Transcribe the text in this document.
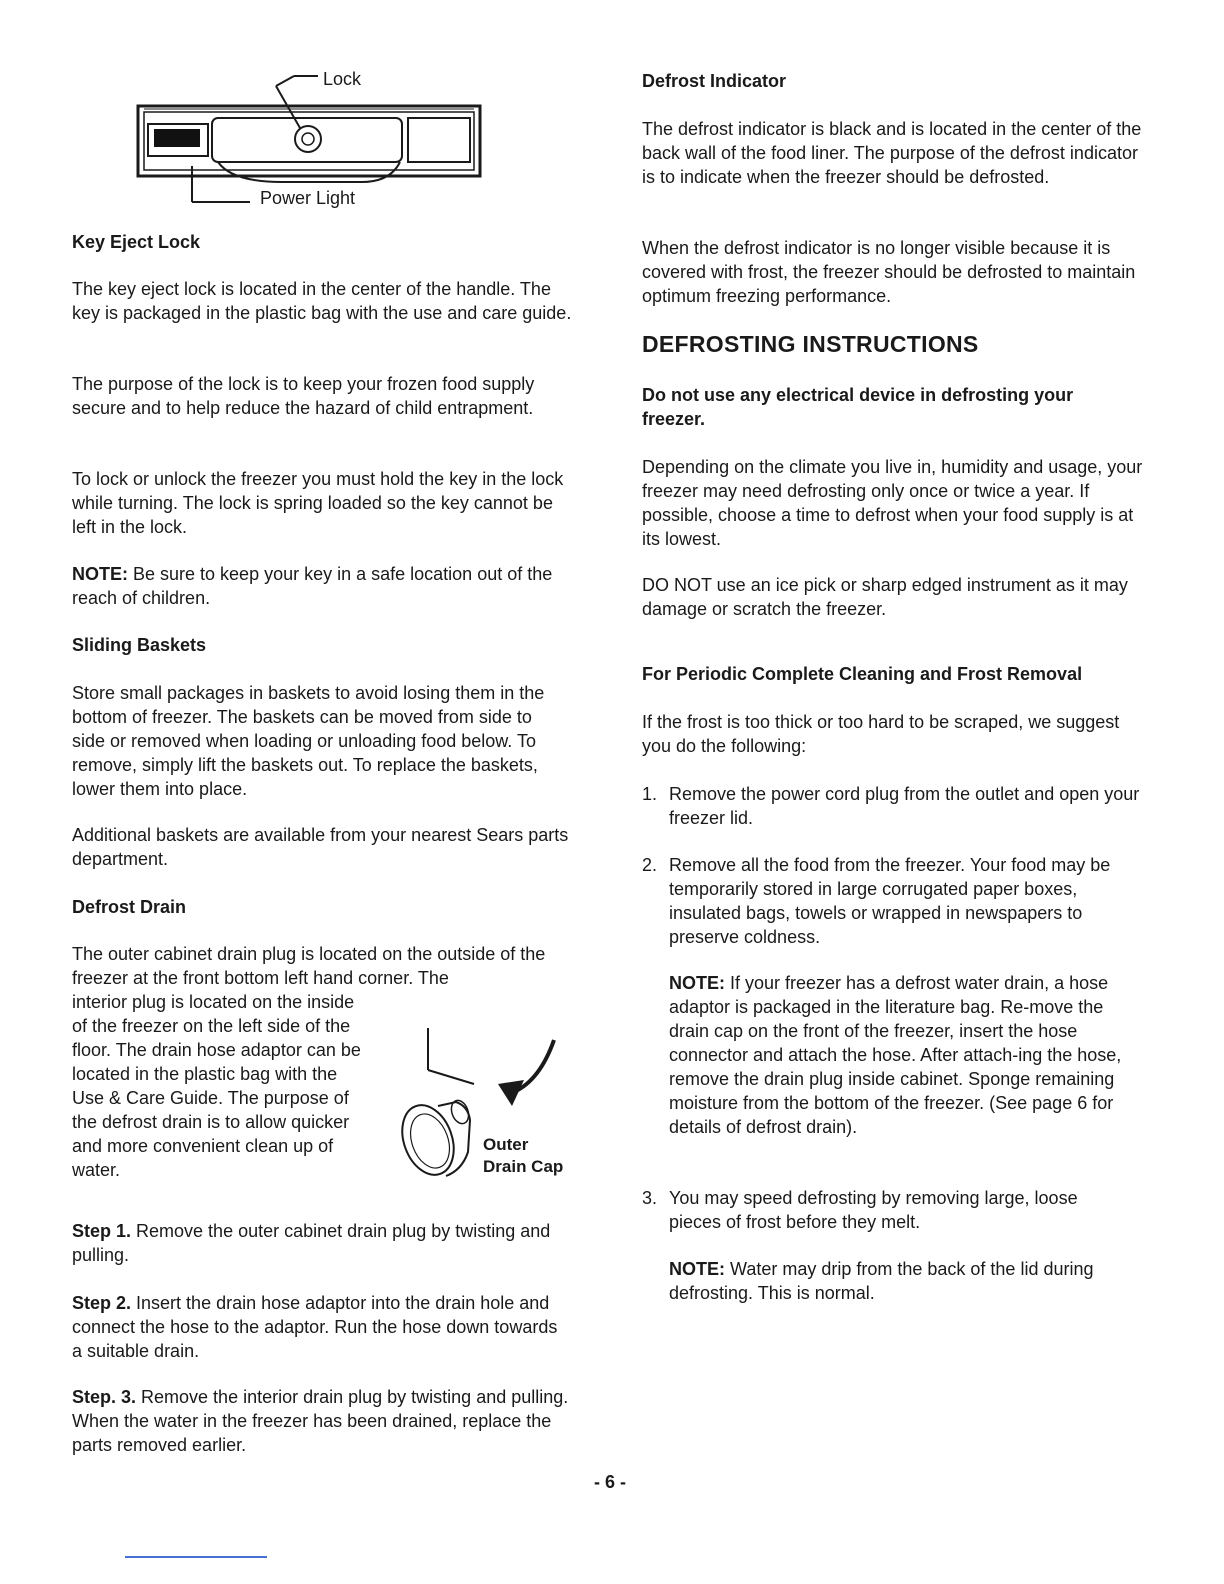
Lock
Power Light

Key Eject Lock

The key eject lock is located in the center of the handle. The key is packaged in the plastic bag with the use and care guide.

The purpose of the lock is to keep your frozen food supply secure and to help reduce the hazard of child entrapment.

To lock or unlock the freezer you must hold the key in the lock while turning. The lock is spring loaded so the key cannot be left in the lock.

NOTE: Be sure to keep your key in a safe location out of the reach of children.

Sliding Baskets

Store small packages in baskets to avoid losing them in the bottom of freezer. The baskets can be moved from side to side or removed when loading or unloading food below. To remove, simply lift the baskets out. To replace the baskets, lower them into place.

Additional baskets are available from your nearest Sears parts department.

Defrost Drain

The outer cabinet drain plug is located on the outside of the freezer at the front bottom left hand corner. The

interior plug is located on the inside of the freezer on the left side of the floor. The drain hose adaptor can be located in the plastic bag with the Use & Care Guide. The purpose of the defrost drain is to allow quicker and more convenient clean up of water.

Outer
Drain Cap

Step 1. Remove the outer cabinet drain plug by twisting and pulling.

Step 2. Insert the drain hose adaptor into the drain hole and connect the hose to the adaptor. Run the hose down towards a suitable drain.

Step. 3. Remove the interior drain plug by twisting and pulling. When the water in the freezer has been drained, replace the parts removed earlier.

Defrost Indicator

The defrost indicator is black and is located in the center of the back wall of the food liner. The purpose of the defrost indicator is to indicate when the freezer should be defrosted.

When the defrost indicator is no longer visible because it is covered with frost, the freezer should be defrosted to maintain optimum freezing performance.

DEFROSTING INSTRUCTIONS

Do not use any electrical device in defrosting your freezer.

Depending on the climate you live in, humidity and usage, your freezer may need defrosting only once or twice a year. If possible, choose a time to defrost when your food supply is at its lowest.

DO NOT use an ice pick or sharp edged instrument as it may damage or scratch the freezer.

For Periodic Complete Cleaning and Frost Removal

If the frost is too thick or too hard to be scraped, we suggest you do the following:

1. Remove the power cord plug from the outlet and open your freezer lid.
2. Remove all the food from the freezer. Your food may be temporarily stored in large corrugated paper boxes, insulated bags, towels or wrapped in newspapers to preserve coldness.

NOTE: If your freezer has a defrost water drain, a hose adaptor is packaged in the literature bag. Re-move the drain cap on the front of the freezer, insert the hose connector and attach the hose. After attach-ing the hose, remove the drain plug inside cabinet. Sponge remaining moisture from the bottom of the freezer. (See page 6 for details of defrost drain).

3. You may speed defrosting by removing large, loose pieces of frost before they melt.

NOTE: Water may drip from the back of the lid during defrosting. This is normal.

- 6 -
